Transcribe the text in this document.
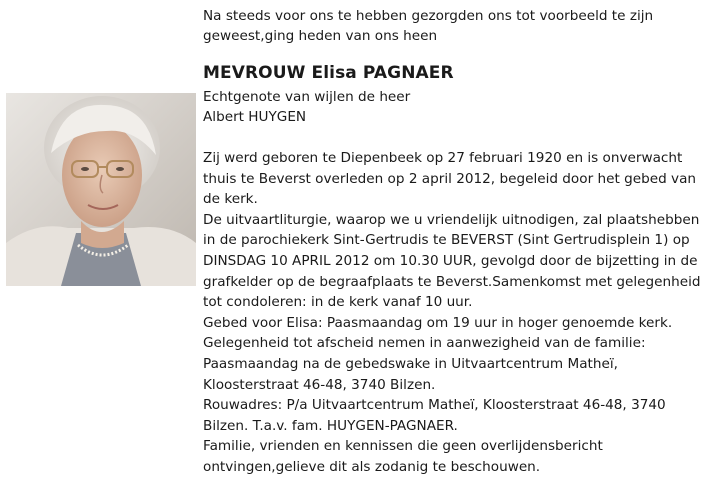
Na steeds voor ons te hebben gezorgden ons tot voorbeeld te zijn
geweest,ging heden van ons heen
MEVROUW Elisa PAGNAER
Echtgenote van wijlen de heer
Albert HUYGEN
Zij werd geboren te Diepenbeek op 27 februari 1920 en is onverwacht
thuis te Beverst overleden op 2 april 2012, begeleid door het gebed van
de kerk.
De uitvaartliturgie, waarop we u vriendelijk uitnodigen, zal plaatshebben
in de parochiekerk Sint-Gertrudis te BEVERST (Sint Gertrudisplein 1) op
DINSDAG 10 APRIL 2012 om 10.30 UUR, gevolgd door de bijzetting in de
grafkelder op de begraafplaats te Beverst.Samenkomst met gelegenheid
tot condoleren: in de kerk vanaf 10 uur.
Gebed voor Elisa: Paasmaandag om 19 uur in hoger genoemde kerk.
Gelegenheid tot afscheid nemen in aanwezigheid van de familie:
Paasmaandag na de gebedswake in Uitvaartcentrum Matheï,
Kloosterstraat 46-48, 3740 Bilzen.
Rouwadres: P/a Uitvaartcentrum Matheï, Kloosterstraat 46-48, 3740
Bilzen. T.a.v. fam. HUYGEN-PAGNAER.
Familie, vrienden en kennissen die geen overlijdensbericht
ontvingen,gelieve dit als zodanig te beschouwen.
